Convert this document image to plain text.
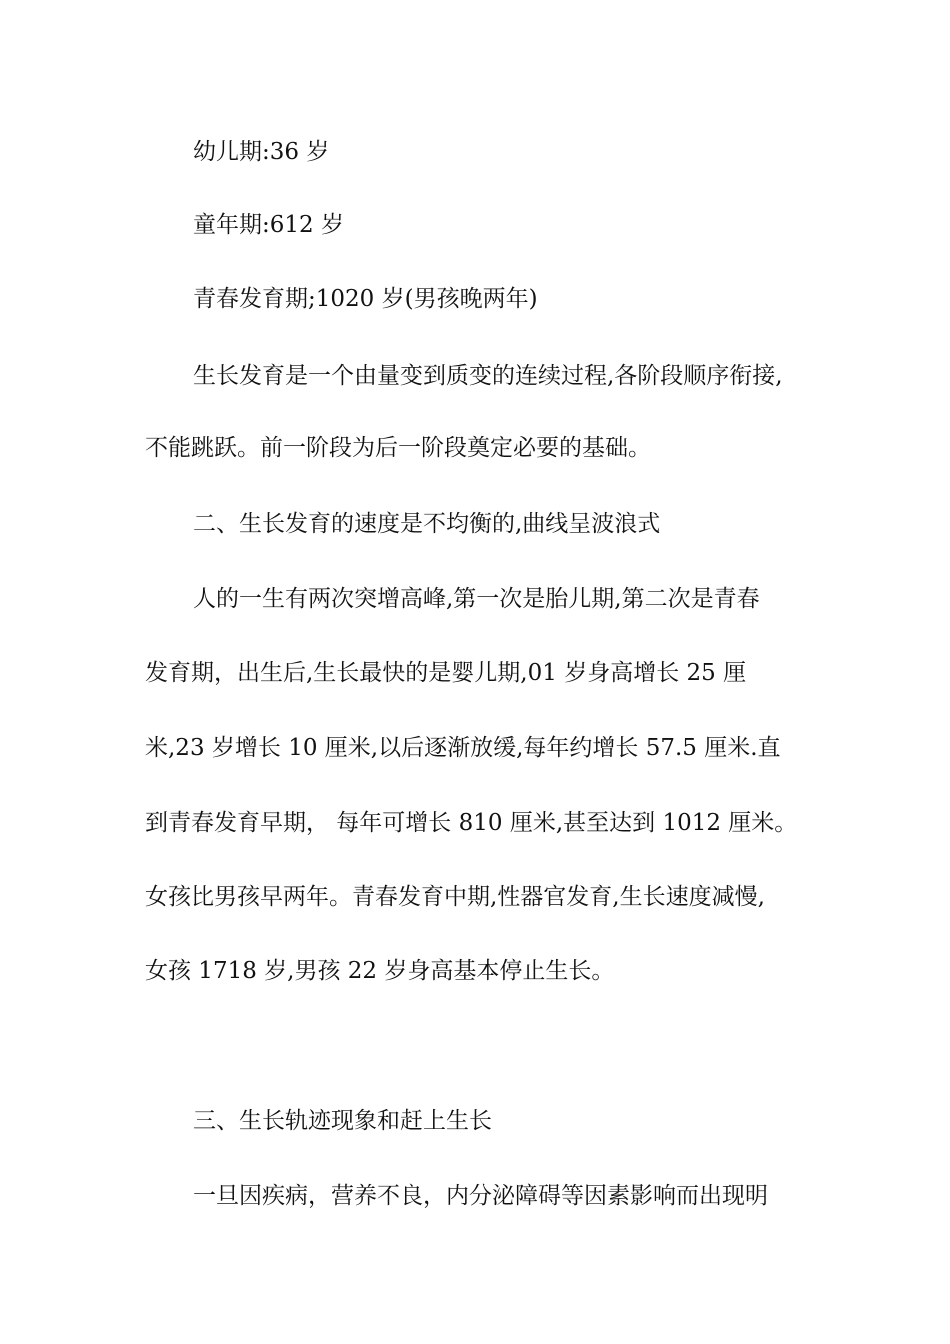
幼儿期:36 岁
童年期:612 岁
青春发育期;1020 岁(男孩晚两年)
生长发育是一个由量变到质变的连续过程,各阶段顺序衔接,
不能跳跃。前一阶段为后一阶段奠定必要的基础。
二、生长发育的速度是不均衡的,曲线呈波浪式
人的一生有两次突增高峰,第一次是胎儿期,第二次是青春
发育期，出生后,生长最快的是婴儿期,01 岁身高增长 25 厘
米,23 岁增长 10 厘米,以后逐渐放缓,每年约增长 57.5 厘米.直
到青春发育早期， 每年可增长 810 厘米,甚至达到 1012 厘米。
女孩比男孩早两年。青春发育中期,性器官发育,生长速度减慢,
女孩 1718 岁,男孩 22 岁身高基本停止生长。
三、生长轨迹现象和赶上生长
一旦因疾病，营养不良，内分泌障碍等因素影响而出现明
